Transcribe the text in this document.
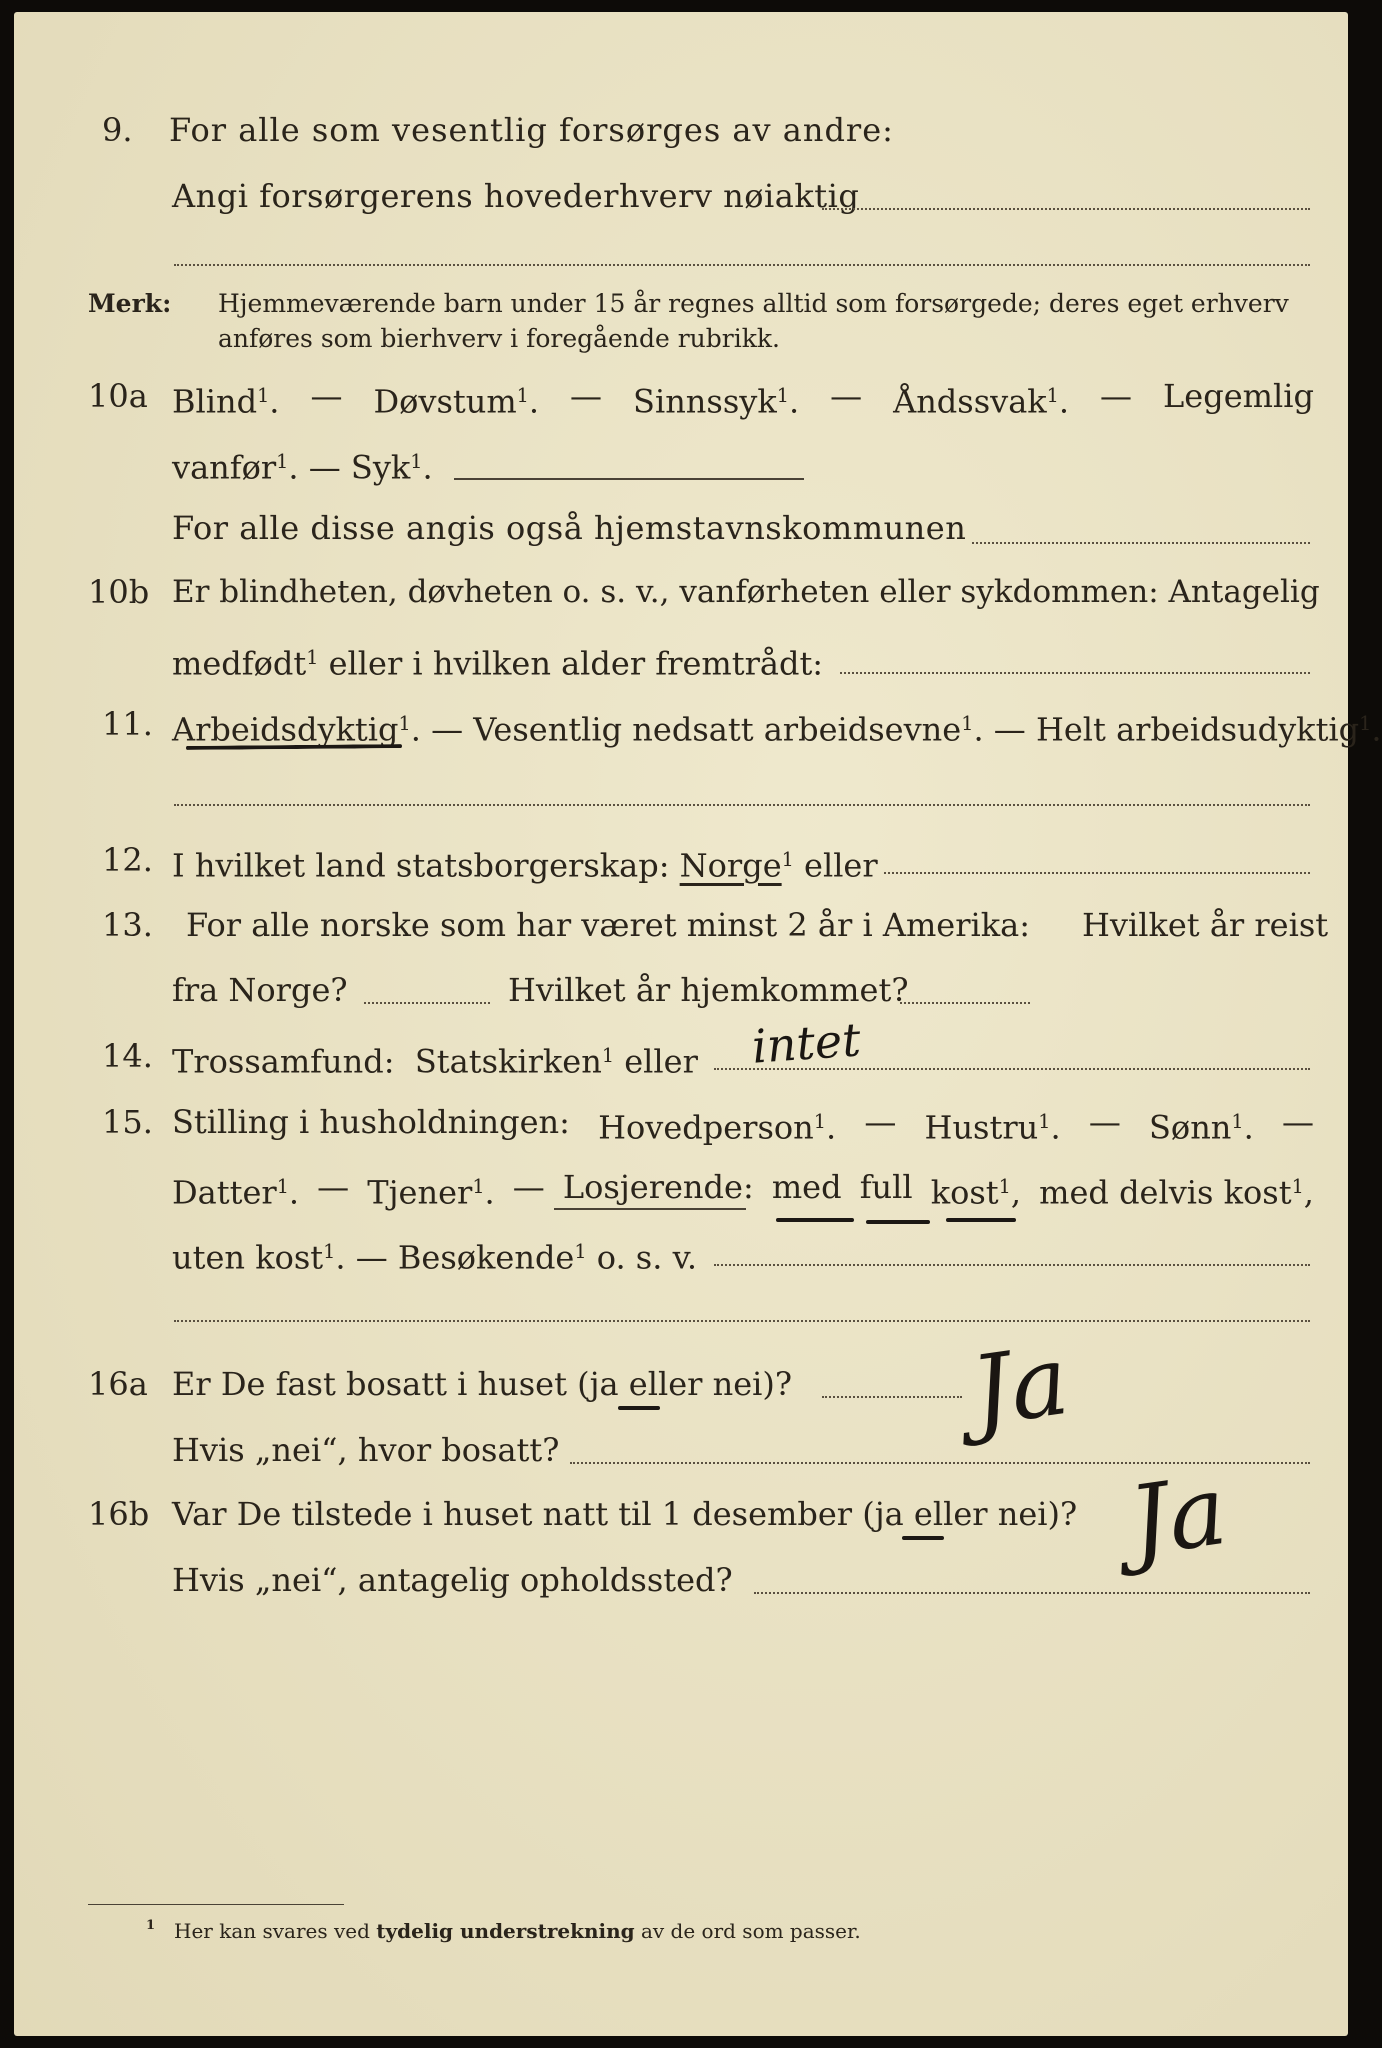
9. For alle som vesentlig forsørges av andre:
Angi forsørgerens hovederhverv nøiaktig
Merk: Hjemmeværende barn under 15 år regnes alltid som forsørgede; deres eget erhverv
anføres som bierhverv i foregående rubrikk.
10a Blind$^1$. — Døvstum$^1$. — Sinnssyk$^1$. — Åndssvak$^1$. — Legemlig
vanfør$^1$. — Syk$^1$.
For alle disse angis også hjemstavnskommunen
10b Er blindheten, døvheten o. s. v., vanførheten eller sykdommen: Antagelig
medfødt$^1$ eller i hvilken alder fremtrådt:
11. Arbeidsdyktig$^1$. — Vesentlig nedsatt arbeidsevne$^1$. — Helt arbeidsudyktig$^1$.
12. I hvilket land statsborgerskap: Norge$^1$ eller
13. For alle norske som har været minst 2 år i Amerika: Hvilket år reist
fra Norge?	Hvilket år hjemkommet?
14. Trossamfund: Statskirken$^1$ eller intet
15. Stilling i husholdningen: Hovedperson$^1$. — Hustru$^1$. — Sønn$^1$. —
Datter$^1$. — Tjener$^1$. — Losjerende: med full kost$^1$, med delvis kost$^1$,
uten kost$^1$. — Besøkende$^1$ o. s. v.
16a Er De fast bosatt i huset (ja eller nei)?
Hvis „nei“, hvor bosatt?
Ja
16b Var De tilstede i huset natt til 1 desember (ja eller nei)?
Hvis „nei“, antagelig opholdssted?
Ja
1 Her kan svares ved tydelig understrekning av de ord som passer.
